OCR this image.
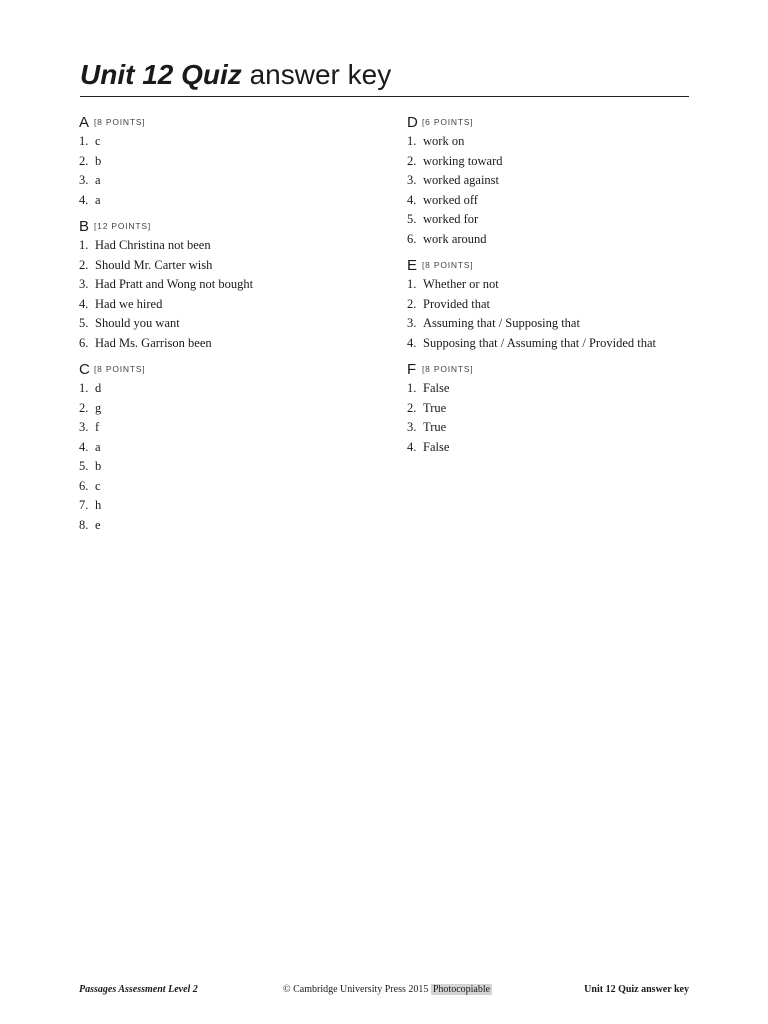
Unit 12 Quiz answer key
A [8 POINTS]
1. c
2. b
3. a
4. a
B [12 POINTS]
1. Had Christina not been
2. Should Mr. Carter wish
3. Had Pratt and Wong not bought
4. Had we hired
5. Should you want
6. Had Ms. Garrison been
C [8 POINTS]
1. d
2. g
3. f
4. a
5. b
6. c
7. h
8. e
D [6 POINTS]
1. work on
2. working toward
3. worked against
4. worked off
5. worked for
6. work around
E [8 POINTS]
1. Whether or not
2. Provided that
3. Assuming that / Supposing that
4. Supposing that / Assuming that / Provided that
F [8 POINTS]
1. False
2. True
3. True
4. False
Passages Assessment Level 2	© Cambridge University Press 2015 Photocopiable	Unit 12 Quiz answer key
